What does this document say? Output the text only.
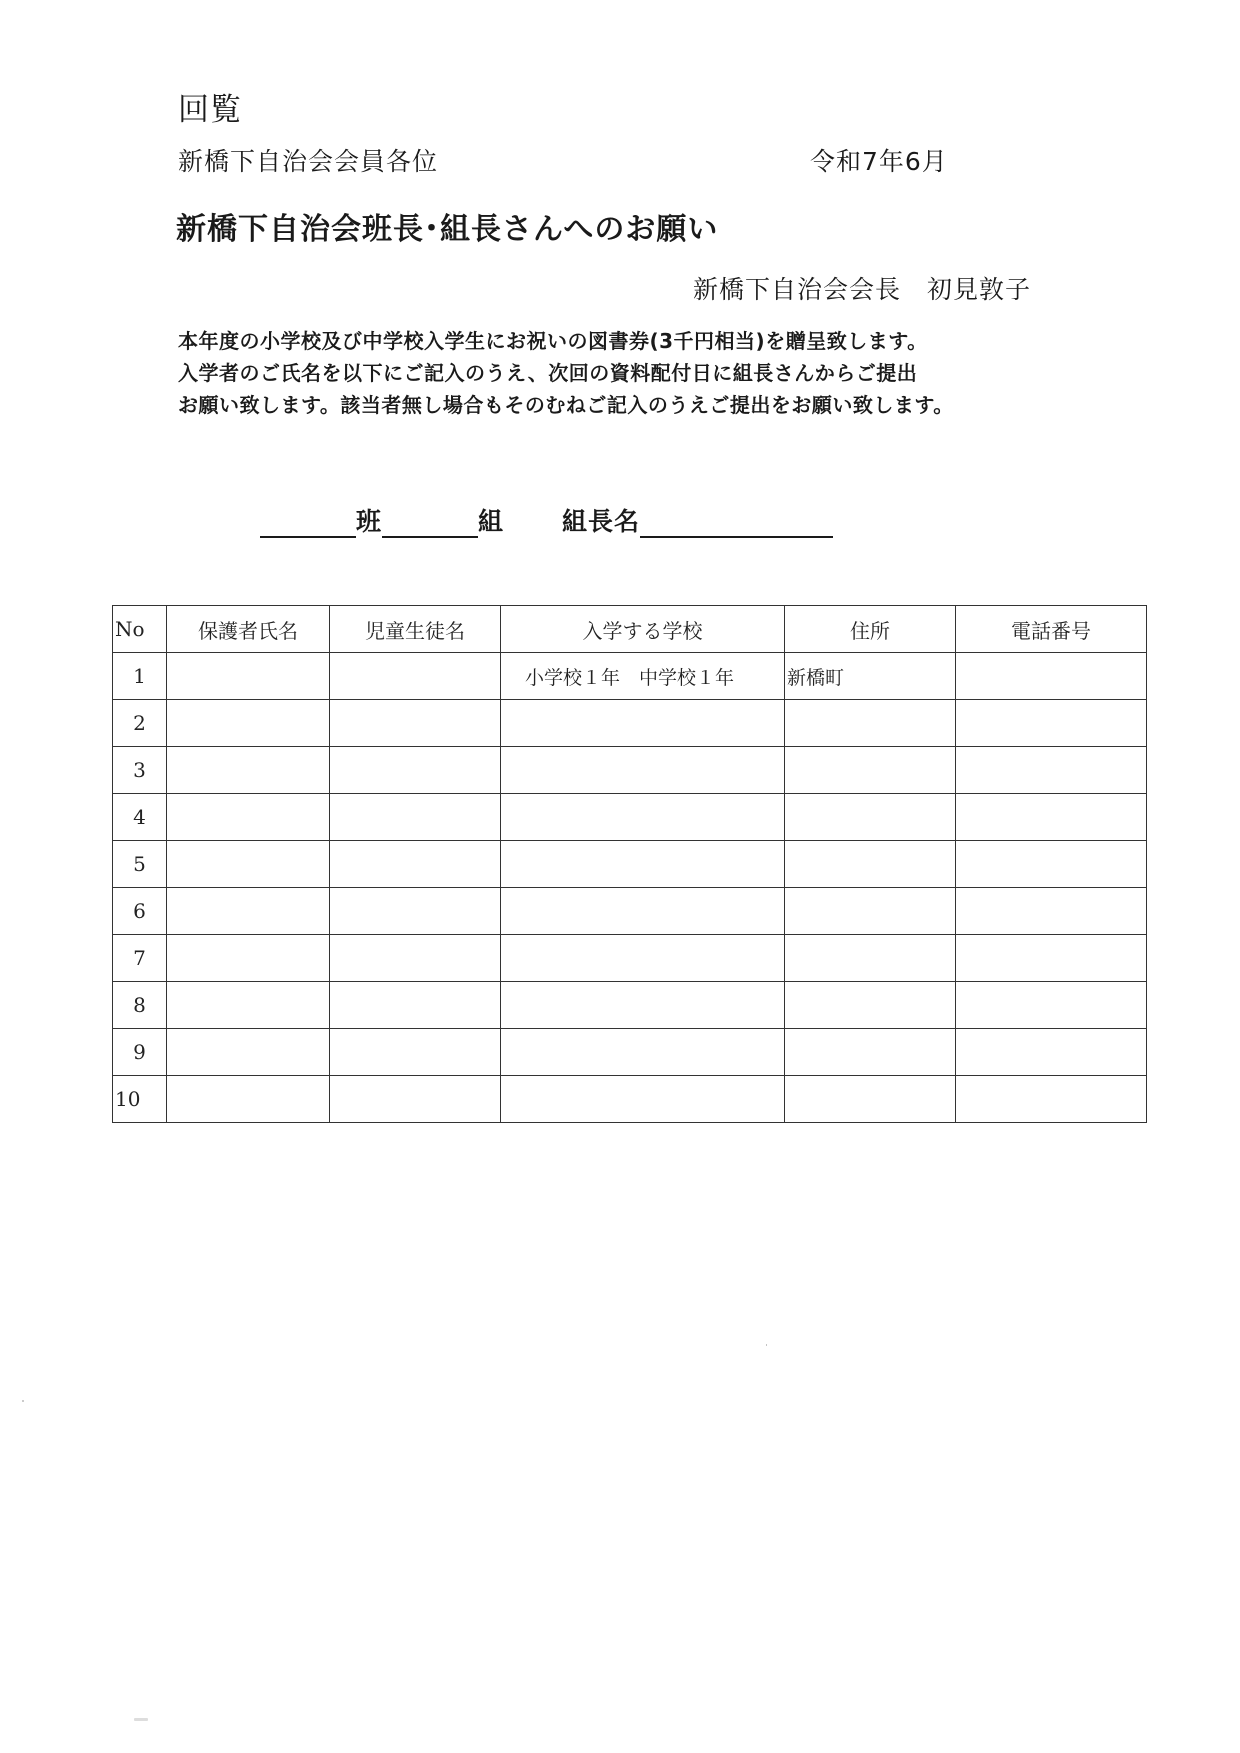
回覧
新橋下自治会会員各位	令和7年6月
新橋下自治会班長･組長さんへのお願い
新橋下自治会会長　初見敦子
本年度の小学校及び中学校入学生にお祝いの図書券(3千円相当)を贈呈致します。
入学者のご氏名を以下にご記入のうえ、次回の資料配付日に組長さんからご提出
お願い致します。該当者無し場合もそのむねご記入のうえご提出をお願い致します。
班	組 組長名
No	保護者氏名	児童生徒名	入学する学校	住所	電話番号
1			小学校１年　中学校１年	新橋町	
2					
3					
4					
5					
6					
7					
8					
9					
10					
